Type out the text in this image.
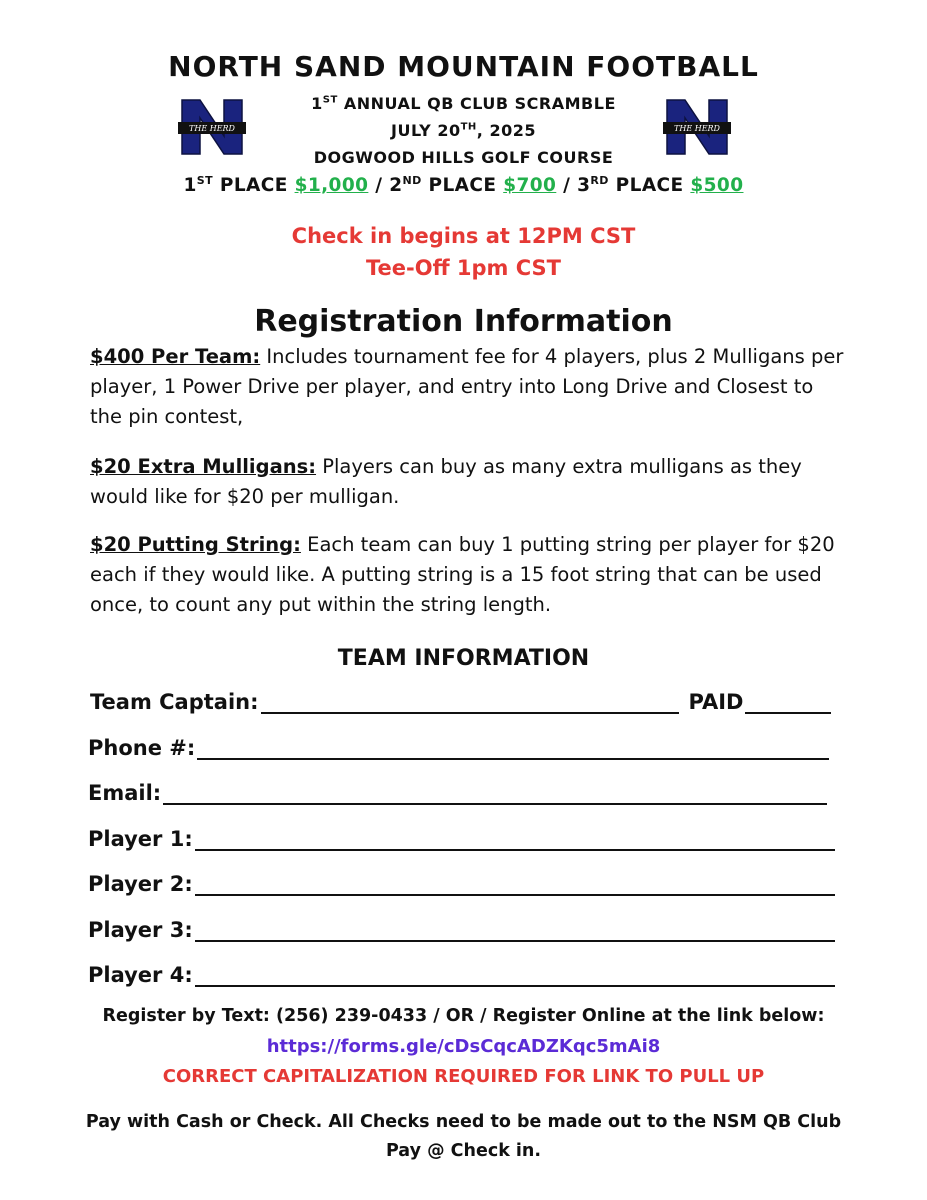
NORTH SAND MOUNTAIN FOOTBALL
THE HERD	THE HERD
1ST ANNUAL QB CLUB SCRAMBLE
JULY 20TH, 2025
DOGWOOD HILLS GOLF COURSE
1ST PLACE $1,000 / 2ND PLACE $700 / 3RD PLACE $500
Check in begins at 12PM CST
Tee-Off 1pm CST
Registration Information
$400 Per Team: Includes tournament fee for 4 players, plus 2 Mulligans per player, 1 Power Drive per player, and entry into Long Drive and Closest to the pin contest,
$20 Extra Mulligans: Players can buy as many extra mulligans as they would like for $20 per mulligan.
$20 Putting String: Each team can buy 1 putting string per player for $20 each if they would like. A putting string is a 15 foot string that can be used once, to count any put within the string length.
TEAM INFORMATION
Team Captain:	PAID
Phone #:
Email:
Player 1:
Player 2:
Player 3:
Player 4:
Register by Text: (256) 239-0433 / OR / Register Online at the link below:
https://forms.gle/cDsCqcADZKqc5mAi8
CORRECT CAPITALIZATION REQUIRED FOR LINK TO PULL UP
Pay with Cash or Check. All Checks need to be made out to the NSM QB Club
Pay @ Check in.
